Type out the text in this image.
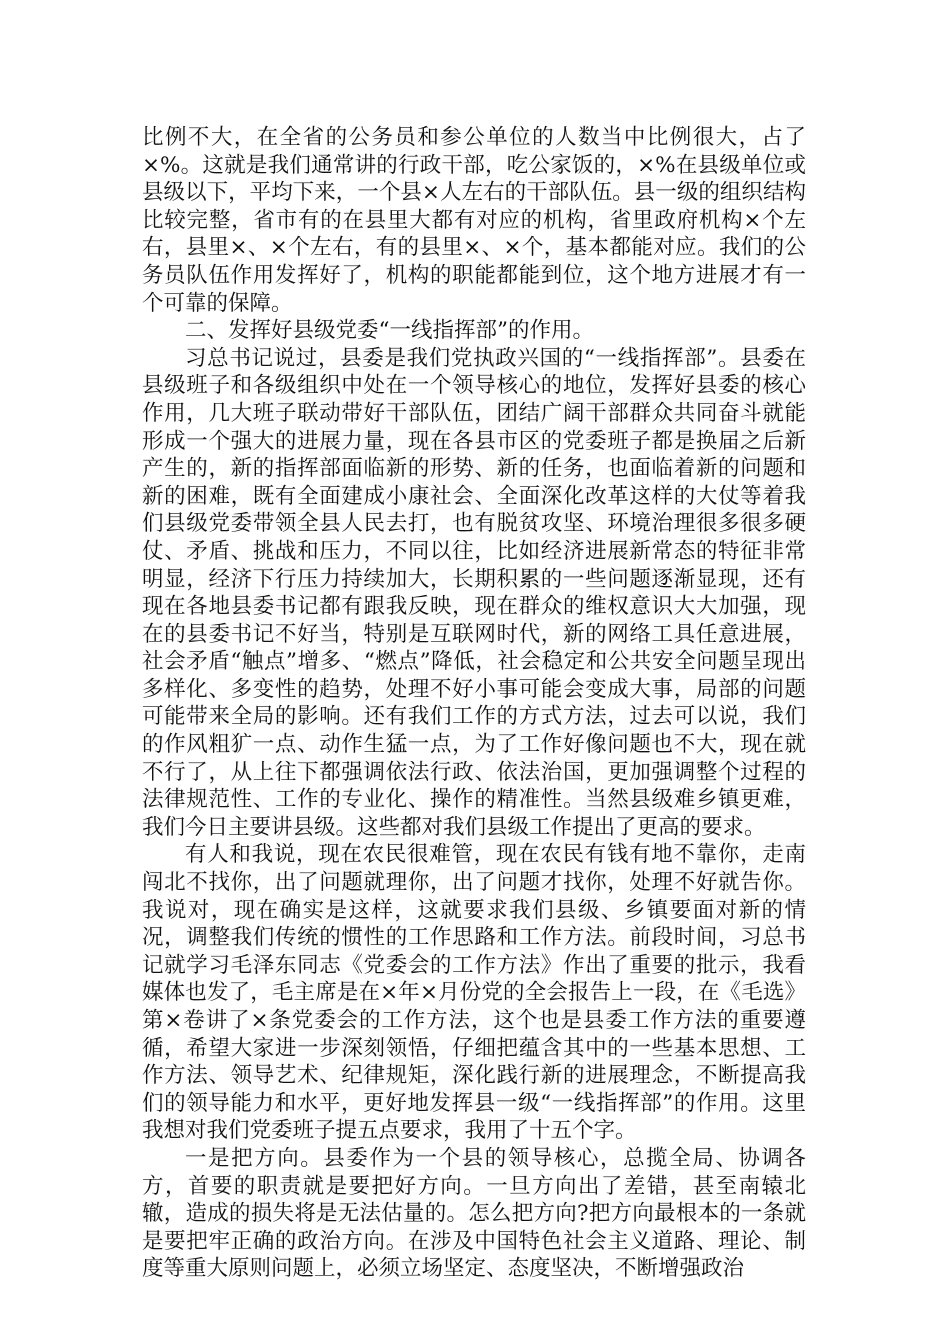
比例不大，在全省的公务员和参公单位的人数当中比例很大，占了×%。这就是我们通常讲的行政干部，吃公家饭的，×%在县级单位或县级以下，平均下来，一个县×人左右的干部队伍。县一级的组织结构比较完整，省市有的在县里大都有对应的机构，省里政府机构×个左右，县里×、×个左右，有的县里×、×个，基本都能对应。我们的公务员队伍作用发挥好了，机构的职能都能到位，这个地方进展才有一个可靠的保障。

二、发挥好县级党委“一线指挥部”的作用。

习总书记说过，县委是我们党执政兴国的“一线指挥部”。县委在县级班子和各级组织中处在一个领导核心的地位，发挥好县委的核心作用，几大班子联动带好干部队伍，团结广阔干部群众共同奋斗就能形成一个强大的进展力量，现在各县市区的党委班子都是换届之后新产生的，新的指挥部面临新的形势、新的任务，也面临着新的问题和新的困难，既有全面建成小康社会、全面深化改革这样的大仗等着我们县级党委带领全县人民去打，也有脱贫攻坚、环境治理很多很多硬仗、矛盾、挑战和压力，不同以往，比如经济进展新常态的特征非常明显，经济下行压力持续加大，长期积累的一些问题逐渐显现，还有现在各地县委书记都有跟我反映，现在群众的维权意识大大加强，现在的县委书记不好当，特别是互联网时代，新的网络工具任意进展，社会矛盾“触点”增多、“燃点”降低，社会稳定和公共安全问题呈现出多样化、多变性的趋势，处理不好小事可能会变成大事，局部的问题可能带来全局的影响。还有我们工作的方式方法，过去可以说，我们的作风粗犷一点、动作生猛一点，为了工作好像问题也不大，现在就不行了，从上往下都强调依法行政、依法治国，更加强调整个过程的法律规范性、工作的专业化、操作的精准性。当然县级难乡镇更难，我们今日主要讲县级。这些都对我们县级工作提出了更高的要求。

有人和我说，现在农民很难管，现在农民有钱有地不靠你，走南闯北不找你，出了问题就理你，出了问题才找你，处理不好就告你。我说对，现在确实是这样，这就要求我们县级、乡镇要面对新的情况，调整我们传统的惯性的工作思路和工作方法。前段时间，习总书记就学习毛泽东同志《党委会的工作方法》作出了重要的批示，我看媒体也发了，毛主席是在×年×月份党的全会报告上一段，在《毛选》第×卷讲了×条党委会的工作方法，这个也是县委工作方法的重要遵循，希望大家进一步深刻领悟，仔细把蕴含其中的一些基本思想、工作方法、领导艺术、纪律规矩，深化践行新的进展理念，不断提高我们的领导能力和水平，更好地发挥县一级“一线指挥部”的作用。这里我想对我们党委班子提五点要求，我用了十五个字。

一是把方向。县委作为一个县的领导核心，总揽全局、协调各方，首要的职责就是要把好方向。一旦方向出了差错，甚至南辕北辙，造成的损失将是无法估量的。怎么把方向?把方向最根本的一条就是要把牢正确的政治方向。在涉及中国特色社会主义道路、理论、制度等重大原则问题上，必须立场坚定、态度坚决，不断增强政治
